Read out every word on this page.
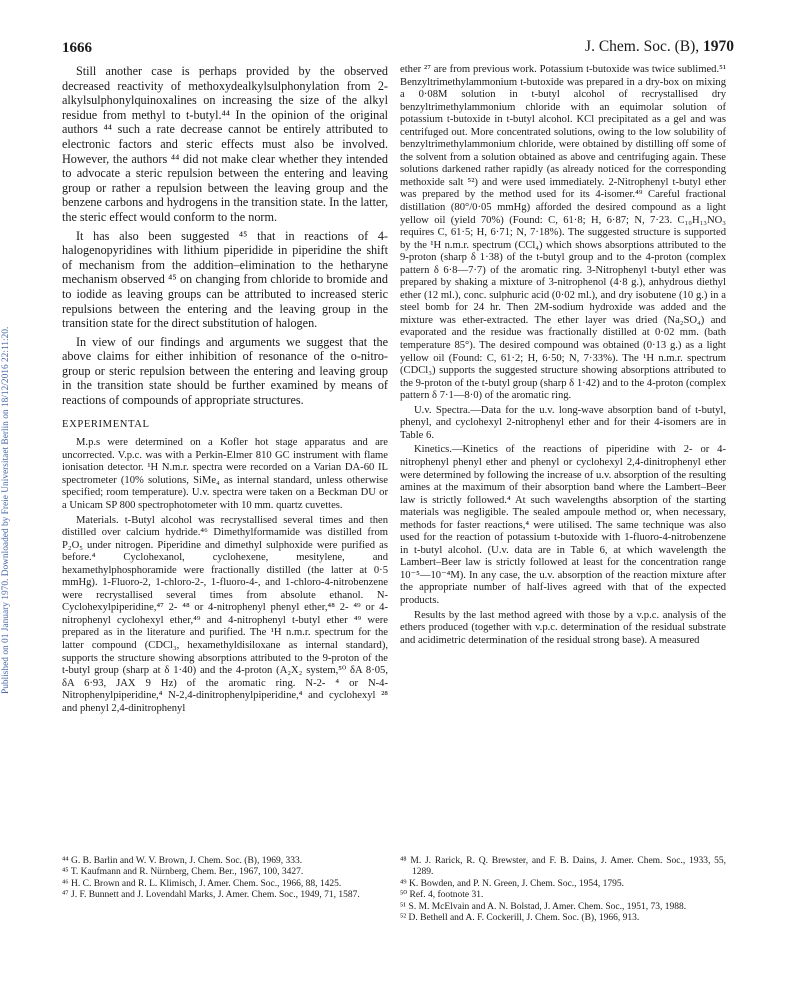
1666	J. Chem. Soc. (B), 1970
Published on 01 January 1970. Downloaded by Freie Universitaet Berlin on 18/12/2016 22:11:20.

Still another case is perhaps provided by the observed decreased reactivity of methoxydealkylsulphonylation from 2-alkylsulphonylquinoxalines on increasing the size of the alkyl residue from methyl to t-butyl.⁴⁴ In the opinion of the original authors ⁴⁴ such a rate decrease cannot be entirely attributed to electronic factors and steric effects must also be involved. However, the authors ⁴⁴ did not make clear whether they intended to advocate a steric repulsion between the entering and leaving group or rather a repulsion between the leaving group and the benzene carbons and hydrogens in the transition state. In the latter, the steric effect would conform to the norm.

It has also been suggested ⁴⁵ that in reactions of 4-halogenopyridines with lithium piperidide in piperidine the shift of mechanism from the addition–elimination to the hetharyne mechanism observed ⁴⁵ on changing from chloride to bromide and to iodide as leaving groups can be attributed to increased steric repulsions between the entering and the leaving group in the transition state for the direct substitution of halogen.

In view of our findings and arguments we suggest that the above claims for either inhibition of resonance of the o-nitro-group or steric repulsion between the entering and leaving group in the transition state should be further examined by means of reactions of compounds of appropriate structures.

EXPERIMENTAL

M.p.s were determined on a Kofler hot stage apparatus and are uncorrected. V.p.c. was with a Perkin-Elmer 810 GC instrument with flame ionisation detector. ¹H N.m.r. spectra were recorded on a Varian DA-60 IL spectrometer (10% solutions, SiMe₄ as internal standard, unless otherwise specified; room temperature). U.v. spectra were taken on a Beckman DU or a Unicam SP 800 spectrophotometer with 10 mm. quartz cuvettes.

Materials. t-Butyl alcohol was recrystallised several times and then distilled over calcium hydride.⁴⁶ Dimethylformamide was distilled from P₂O₅ under nitrogen. Piperidine and dimethyl sulphoxide were purified as before.⁴ Cyclohexanol, cyclohexene, mesitylene, and hexamethylphosphoramide were fractionally distilled (the latter at 0·5 mmHg). 1-Fluoro-2, 1-chloro-2-, 1-fluoro-4-, and 1-chloro-4-nitrobenzene were recrystallised several times from absolute ethanol. N-Cyclohexylpiperidine,⁴⁷ 2- ⁴⁸ or 4-nitrophenyl phenyl ether,⁴⁸ 2- ⁴⁹ or 4-nitrophenyl cyclohexyl ether,⁴⁹ and 4-nitrophenyl t-butyl ether ⁴⁹ were prepared as in the literature and purified. The ¹H n.m.r. spectrum for the latter compound (CDCl₃, hexamethyldisiloxane as internal standard), supports the structure showing absorptions attributed to the 9-proton of the t-butyl group (sharp at δ 1·40) and the 4-proton (A₂X₂ system,⁵⁰ δA 8·05, δA 6·93, JAX 9 Hz) of the aromatic ring. N-2- ⁴ or N-4-Nitrophenylpiperidine,⁴ N-2,4-dinitrophenylpiperidine,⁴ and cyclohexyl ²⁸ and phenyl 2,4-dinitrophenyl

ether ²⁷ are from previous work. Potassium t-butoxide was twice sublimed.⁵¹ Benzyltrimethylammonium t-butoxide was prepared in a dry-box on mixing a 0·08M solution in t-butyl alcohol of recrystallised dry benzyltrimethylammonium chloride with an equimolar solution of potassium t-butoxide in t-butyl alcohol. KCl precipitated as a gel and was centrifuged out. More concentrated solutions, owing to the low solubility of benzyltrimethylammonium chloride, were obtained by distilling off some of the solvent from a solution obtained as above and centrifuging again. These solutions darkened rather rapidly (as already noticed for the corresponding methoxide salt ⁵²) and were used immediately. 2-Nitrophenyl t-butyl ether was prepared by the method used for its 4-isomer.⁴⁹ Careful fractional distillation (80°/0·05 mmHg) afforded the desired compound as a light yellow oil (yield 70%) (Found: C, 61·8; H, 6·87; N, 7·23. C₁₀H₁₃NO₃ requires C, 61·5; H, 6·71; N, 7·18%). The suggested structure is supported by the ¹H n.m.r. spectrum (CCl₄) which shows absorptions attributed to the 9-proton (sharp δ 1·38) of the t-butyl group and to the 4-proton (complex pattern δ 6·8—7·7) of the aromatic ring. 3-Nitrophenyl t-butyl ether was prepared by shaking a mixture of 3-nitrophenol (4·8 g.), anhydrous diethyl ether (12 ml.), conc. sulphuric acid (0·02 ml.), and dry isobutene (10 g.) in a steel bomb for 24 hr. Then 2M-sodium hydroxide was added and the mixture was ether-extracted. The ether layer was dried (Na₂SO₄) and evaporated and the residue was fractionally distilled at 0·02 mm. (bath temperature 85°). The desired compound was obtained (0·13 g.) as a light yellow oil (Found: C, 61·2; H, 6·50; N, 7·33%). The ¹H n.m.r. spectrum (CDCl₃) supports the suggested structure showing absorptions attributed to the 9-proton of the t-butyl group (sharp δ 1·42) and to the 4-proton (complex pattern δ 7·1—8·0) of the aromatic ring.

U.v. Spectra.—Data for the u.v. long-wave absorption band of t-butyl, phenyl, and cyclohexyl 2-nitrophenyl ether and for their 4-isomers are in Table 6.

Kinetics.—Kinetics of the reactions of piperidine with 2- or 4-nitrophenyl phenyl ether and phenyl or cyclohexyl 2,4-dinitrophenyl ether were determined by following the increase of u.v. absorption of the resulting amines at the maximum of their absorption band where the Lambert–Beer law is strictly followed.⁴ At such wavelengths absorption of the starting materials was negligible. The sealed ampoule method or, when necessary, methods for faster reactions,⁴ were utilised. The same technique was also used for the reaction of potassium t-butoxide with 1-fluoro-4-nitrobenzene in t-butyl alcohol. (U.v. data are in Table 6, at which wavelength the Lambert–Beer law is strictly followed at least for the concentration range 10⁻⁵—10⁻⁴M). In any case, the u.v. absorption of the reaction mixture after the appropriate number of half-lives agreed with that of the expected products.

Results by the last method agreed with those by a v.p.c. analysis of the ethers produced (together with v.p.c. determination of the residual substrate and acidimetric determination of the residual strong base). A measured

⁴⁴ G. B. Barlin and W. V. Brown, J. Chem. Soc. (B), 1969, 333.
⁴⁵ T. Kaufmann and R. Nürnberg, Chem. Ber., 1967, 100, 3427.
⁴⁶ H. C. Brown and R. L. Klimisch, J. Amer. Chem. Soc., 1966, 88, 1425.
⁴⁷ J. F. Bunnett and J. Lovendahl Marks, J. Amer. Chem. Soc., 1949, 71, 1587.
⁴⁸ M. J. Rarick, R. Q. Brewster, and F. B. Dains, J. Amer. Chem. Soc., 1933, 55, 1289.
⁴⁹ K. Bowden, and P. N. Green, J. Chem. Soc., 1954, 1795.
⁵⁰ Ref. 4, footnote 31.
⁵¹ S. M. McElvain and A. N. Bolstad, J. Amer. Chem. Soc., 1951, 73, 1988.
⁵² D. Bethell and A. F. Cockerill, J. Chem. Soc. (B), 1966, 913.
